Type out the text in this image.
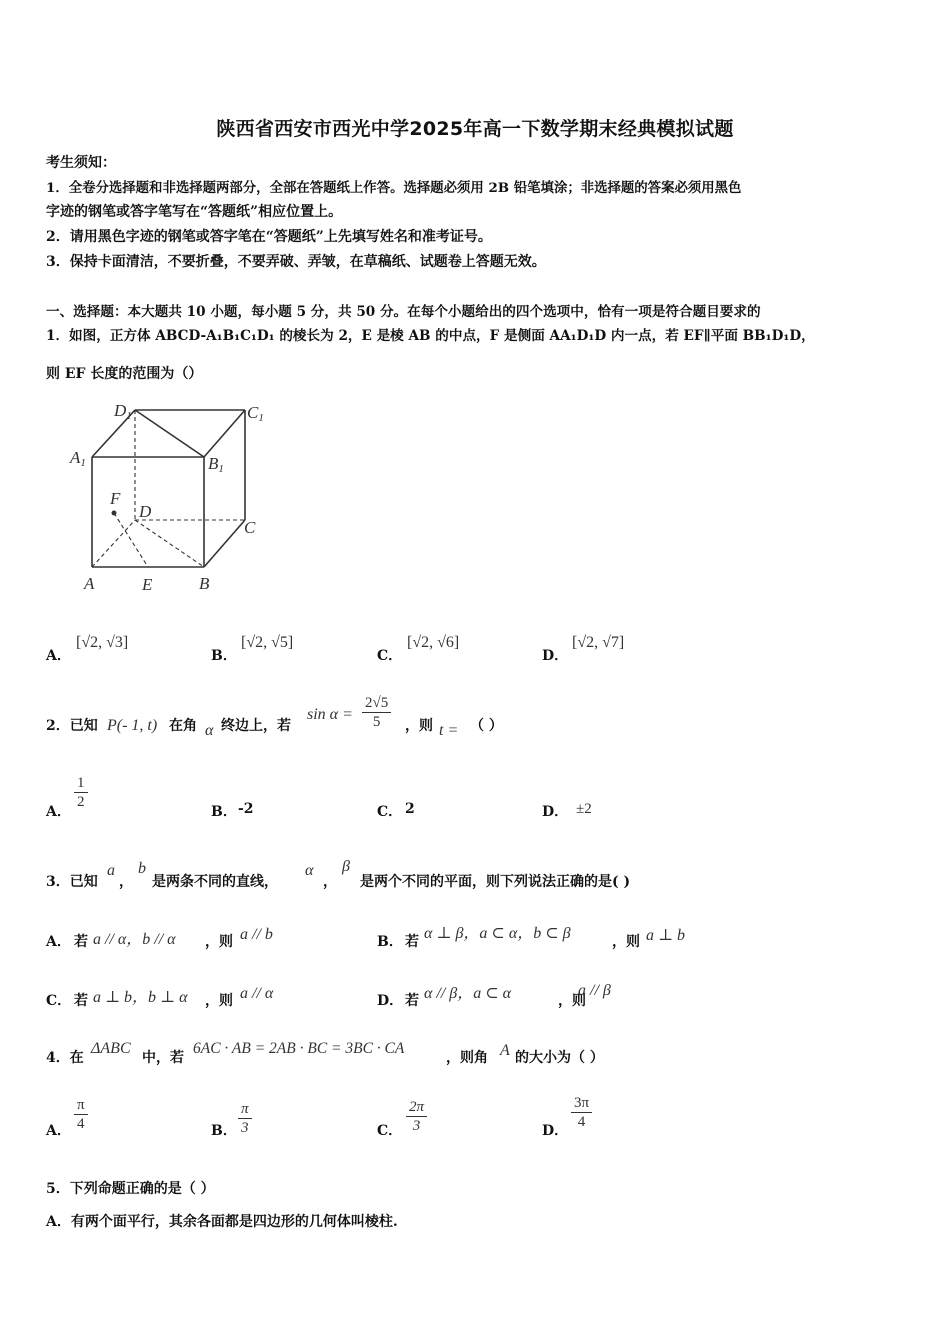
陕西省西安市西光中学2025年高一下数学期末经典模拟试题
考生须知：
1．全卷分选择题和非选择题两部分，全部在答题纸上作答。选择题必须用 2B 铅笔填涂；非选择题的答案必须用黑色
字迹的钢笔或答字笔写在“答题纸”相应位置上。
2．请用黑色字迹的钢笔或答字笔在“答题纸”上先填写姓名和准考证号。
3．保持卡面清洁，不要折叠，不要弄破、弄皱，在草稿纸、试题卷上答题无效。
一、选择题：本大题共 10 小题，每小题 5 分，共 50 分。在每个小题给出的四个选项中，恰有一项是符合题目要求的
1．如图，正方体 ABCD-A₁B₁C₁D₁ 的棱长为 2，E 是棱 AB 的中点，F 是侧面 AA₁D₁D 内一点，若 EF∥平面 BB₁D₁D，
则 EF 长度的范围为（）
D1	C1
A1	B1
F
D
C
A	E	B
A．
[√2, √3]
B．
[√2, √5]
C．
[√2, √6]
D．
[√2, √7]
2．已知 P(- 1, t) 在角 α 终边上，若
$\sin \alpha = \frac{2√5}{5}$ ，则 t = （ ）
A．
$\frac{1}{2}$
B． -2	C． 2	D． ±2
3．已知
a
，
b
是两条不同的直线，
α
，
β
是两个不同的平面，则下列说法正确的是( )
A． 若 a // α，b // α ，则 a // b	B． 若 α ⊥ β，a ⊂ α，b ⊂ β	，则 a ⊥ b
C． 若 a ⊥ b，b ⊥ α ，则 a // α	D． 若 α // β，a ⊂ α	，则
a // β
4．在
ΔABC
中，若
6AC · AB = 2AB · BC = 3BC · CA
，则角 A 的大小为（ ）
A． $\frac{\pi}{4}$	B． $\frac{\pi}{3}$	C． $\frac{2\pi}{3}$	D． $\frac{3\pi}{4}$
5．下列命题正确的是（ ）
A．有两个面平行，其余各面都是四边形的几何体叫棱柱.
